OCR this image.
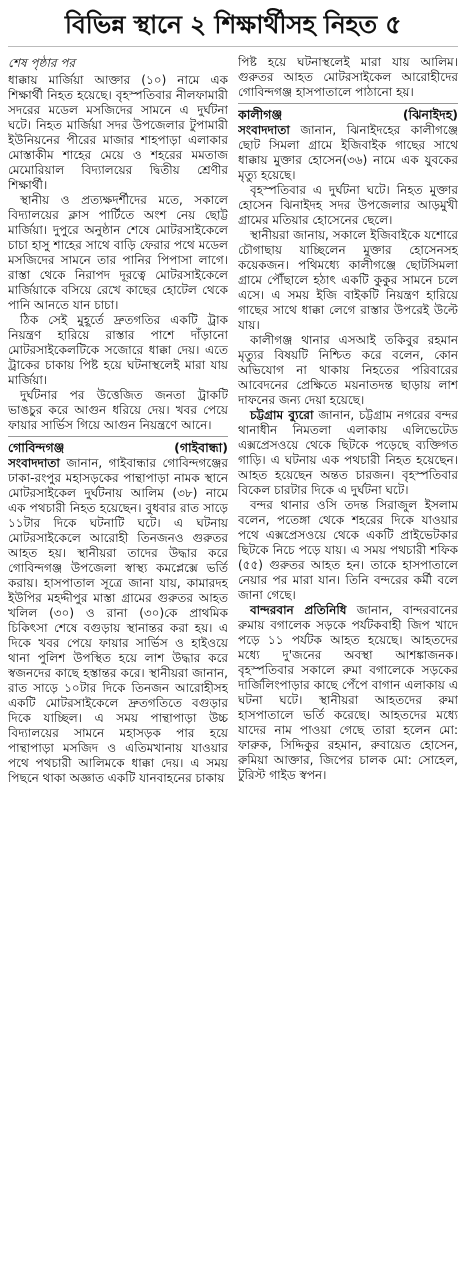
বিভিন্ন স্থানে ২ শিক্ষার্থীসহ নিহত ৫
শেষ পৃষ্ঠার পর

ধাক্কায় মার্জিয়া আক্তার (১০) নামে এক শিক্ষার্থী নিহত হয়েছে। বৃহস্পতিবার নীলফামারী সদরের মডেল মসজিদের সামনে এ দুর্ঘটনা ঘটে। নিহত মার্জিয়া সদর উপজেলার টুপামারী ইউনিয়নের পীরের মাজার শাহপাড়া এলাকার মোস্তাকীম শাহের মেয়ে ও শহরের মমতাজ মেমোরিয়াল বিদ্যালয়ের দ্বিতীয় শ্রেণীর শিক্ষার্থী।

স্থানীয় ও প্রত্যক্ষদর্শীদের মতে, সকালে বিদ্যালয়ের ক্লাস পার্টিতে অংশ নেয় ছোট্ট মার্জিয়া। দুপুরে অনুষ্ঠান শেষে মোটরসাইকেলে চাচা হাসু শাহের সাথে বাড়ি ফেরার পথে মডেল মসজিদের সামনে তার পানির পিপাসা লাগে। রাস্তা থেকে নিরাপদ দূরত্বে মোটরসাইকেলে মার্জিয়াকে বসিয়ে রেখে কাছের হোটেল থেকে পানি আনতে যান চাচা।

ঠিক সেই মুহূর্তে দ্রুতগতির একটি ট্রাক নিয়ন্ত্রণ হারিয়ে রাস্তার পাশে দাঁড়ানো মোটরসাইকেলটিকে সজোরে ধাক্কা দেয়। এতে ট্রাকের চাকায় পিষ্ট হয়ে ঘটনাস্থলেই মারা যায় মার্জিয়া।

দুর্ঘটনার পর উত্তেজিত জনতা ট্রাকটি ভাঙচুর করে আগুন ধরিয়ে দেয়। খবর পেয়ে ফায়ার সার্ভিস গিয়ে আগুন নিয়ন্ত্রণে আনে।

গোবিন্দগঞ্জ	(গাইবান্ধা)

সংবাদদাতা জানান, গাইবান্ধার গোবিন্দগঞ্জের ঢাকা-রংপুর মহাসড়কের পান্থাপাড়া নামক স্থানে মোটরসাইকেল দুর্ঘটনায় আলিম (৩৮) নামে এক পথচারী নিহত হয়েছেন। বুধবার রাত সাড়ে ১১টার দিকে ঘটনাটি ঘটে। এ ঘটনায় মোটরসাইকেলে আরোহী তিনজনও গুরুতর আহত হয়। স্থানীয়রা তাদের উদ্ধার করে গোবিন্দগঞ্জ উপজেলা স্বাস্থ্য কমপ্লেক্সে ভর্তি করায়। হাসপাতাল সূত্রে জানা যায়, কামারদহ ইউপির মহদ্দীপুর মাস্তা গ্রামের গুরুতর আহত খলিল (৩০) ও রানা (৩০)কে প্রাথমিক চিকিৎসা শেষে বগুড়ায় স্থানান্তর করা হয়। এ দিকে খবর পেয়ে ফায়ার সার্ভিস ও হাইওয়ে থানা পুলিশ উপস্থিত হয়ে লাশ উদ্ধার করে স্বজনদের কাছে হস্তান্তর করে। স্থানীয়রা জানান, রাত সাড়ে ১০টার দিকে তিনজন আরোহীসহ একটি মোটরসাইকেলে দ্রুতগতিতে বগুড়ার দিকে যাচ্ছিল। এ সময় পান্থাপাড়া উচ্চ বিদ্যালয়ের সামনে মহাসড়ক পার হয়ে পান্থাপাড়া মসজিদ ও এতিমখানায় যাওয়ার পথে পথচারী আলিমকে ধাক্কা দেয়। এ সময় পিছনে থাকা অজ্ঞাত একটি যানবাহনের চাকায়

পিষ্ট হয়ে ঘটনাস্থলেই মারা যায় আলিম। গুরুতর আহত মোটরসাইকেল আরোহীদের গোবিন্দগঞ্জ হাসপাতালে পাঠানো হয়।

কালীগঞ্জ	(ঝিনাইদহ)

সংবাদদাতা জানান, ঝিনাইদহের কালীগঞ্জে ছোট সিমলা গ্রামে ইজিবাইক গাছের সাথে ধাক্কায় মুক্তার হোসেন(৩৬) নামে এক যুবকের মৃত্যু হয়েছে।

বৃহস্পতিবার এ দুর্ঘটনা ঘটে। নিহত মুক্তার হোসেন ঝিনাইদহ সদর উপজেলার আড়মুখী গ্রামের মতিয়ার হোসেনের ছেলে।

স্থানীয়রা জানায়, সকালে ইজিবাইকে যশোরে চৌগাছায় যাচ্ছিলেন মুক্তার হোসেনসহ কয়েকজন। পথিমধ্যে কালীগঞ্জে ছোটসিমলা গ্রামে পৌঁছালে হঠাৎ একটি কুকুর সামনে চলে এসে। এ সময় ইজি বাইকটি নিয়ন্ত্রণ হারিয়ে গাছের সাথে ধাক্কা লেগে রাস্তার উপরেই উল্টে যায়।

কালীগঞ্জ থানার এসআই তকিবুর রহমান মৃত্যুর বিষয়টি নিশ্চিত করে বলেন, কোন অভিযোগ না থাকায় নিহতের পরিবারের আবেদনের প্রেক্ষিতে ময়নাতদন্ত ছাড়ায় লাশ দাফনের জন্য দেয়া হয়েছে।

চট্টগ্রাম ব্যুরো জানান, চট্টগ্রাম নগরের বন্দর থানাধীন নিমতলা এলাকায় এলিভেটেড এক্সপ্রেসওয়ে থেকে ছিটকে পড়েছে ব্যক্তিগত গাড়ি। এ ঘটনায় এক পথচারী নিহত হয়েছেন। আহত হয়েছেন অন্তত চারজন। বৃহস্পতিবার বিকেল চারটার দিকে এ দুর্ঘটনা ঘটে।

বন্দর থানার ওসি তদন্ত সিরাজুল ইসলাম বলেন, পতেঙ্গা থেকে শহরের দিকে যাওয়ার পথে এক্সপ্রেসওয়ে থেকে একটি প্রাইভেটকার ছিটকে নিচে পড়ে যায়। এ সময় পথচারী শফিক (৫৫) গুরুতর আহত হন। তাকে হাসপাতালে নেয়ার পর মারা যান। তিনি বন্দরের কর্মী বলে জানা গেছে।

বান্দরবান প্রতিনিধি জানান, বান্দরবানের রুমায় বগালেক সড়কে পর্যটকবাহী জিপ খাদে পড়ে ১১ পর্যটক আহত হয়েছে। আহতদের মধ্যে দু'জনের অবস্থা আশঙ্কাজনক। বৃহস্পতিবার সকালে রুমা বগালেকে সড়কের দার্জিলিংপাড়ার কাছে পেঁপে বাগান এলাকায় এ ঘটনা ঘটে। স্থানীয়রা আহতদের রুমা হাসপাতালে ভর্তি করেছে। আহতদের মধ্যে যাদের নাম পাওয়া গেছে তারা হলেন মো: ফারুক, সিদ্দিকুর রহমান, রুবায়েত হোসেন, রুমিয়া আক্তার, জিপের চালক মো: সোহেল, টুরিস্ট গাইড স্বপন।
